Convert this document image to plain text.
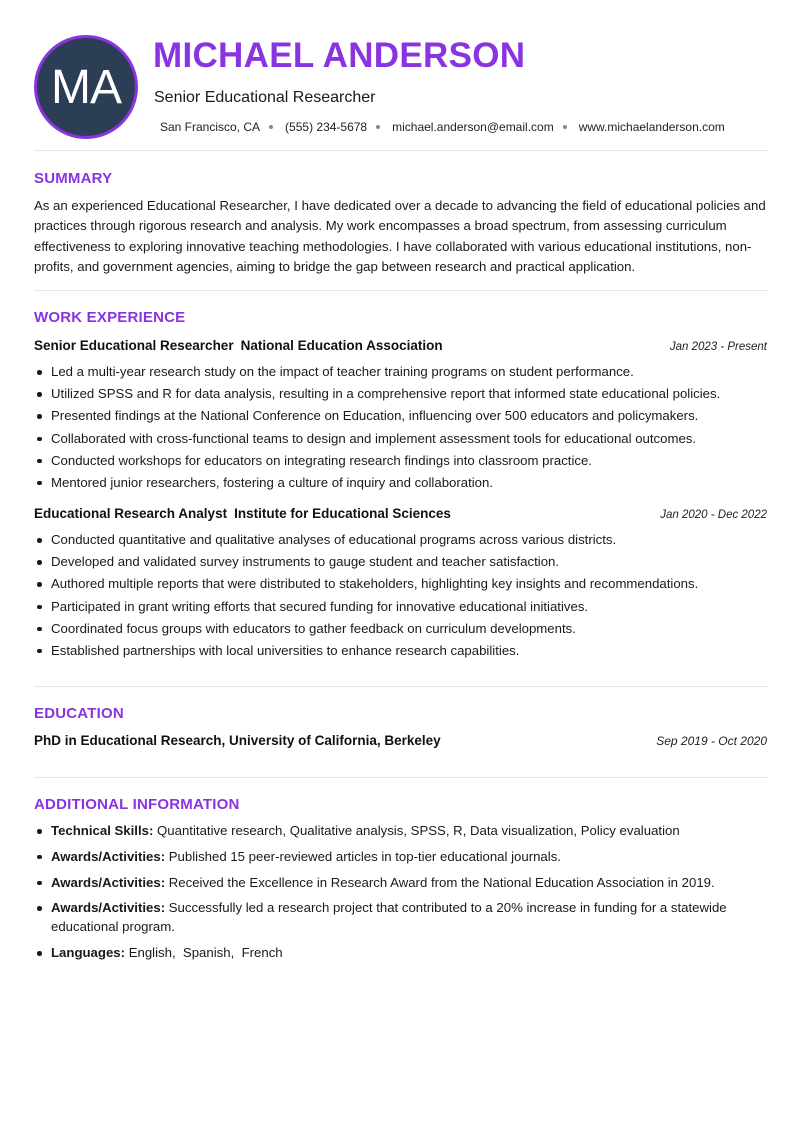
MA
MICHAEL ANDERSON
Senior Educational Researcher
San Francisco, CA (555) 234-5678 michael.anderson@email.com www.michaelanderson.com
SUMMARY

As an experienced Educational Researcher, I have dedicated over a decade to advancing the field of educational policies and practices through rigorous research and analysis. My work encompasses a broad spectrum, from assessing curriculum effectiveness to exploring innovative teaching methodologies. I have collaborated with various educational institutions, non-profits, and government agencies, aiming to bridge the gap between research and practical application.

WORK EXPERIENCE
Senior Educational Researcher National Education Association	Jan 2023 - Present
Led a multi-year research study on the impact of teacher training programs on student performance.
Utilized SPSS and R for data analysis, resulting in a comprehensive report that informed state educational policies.
Presented findings at the National Conference on Education, influencing over 500 educators and policymakers.
Collaborated with cross-functional teams to design and implement assessment tools for educational outcomes.
Conducted workshops for educators on integrating research findings into classroom practice.
Mentored junior researchers, fostering a culture of inquiry and collaboration.
Educational Research Analyst Institute for Educational Sciences	Jan 2020 - Dec 2022
Conducted quantitative and qualitative analyses of educational programs across various districts.
Developed and validated survey instruments to gauge student and teacher satisfaction.
Authored multiple reports that were distributed to stakeholders, highlighting key insights and recommendations.
Participated in grant writing efforts that secured funding for innovative educational initiatives.
Coordinated focus groups with educators to gather feedback on curriculum developments.
Established partnerships with local universities to enhance research capabilities.
EDUCATION
PhD in Educational Research, University of California, Berkeley	Sep 2019 - Oct 2020
ADDITIONAL INFORMATION
Technical Skills: Quantitative research, Qualitative analysis, SPSS, R, Data visualization, Policy evaluation
Awards/Activities: Published 15 peer-reviewed articles in top-tier educational journals.
Awards/Activities: Received the Excellence in Research Award from the National Education Association in 2019.
Awards/Activities: Successfully led a research project that contributed to a 20% increase in funding for a statewide educational program.
Languages: English,  Spanish,  French
